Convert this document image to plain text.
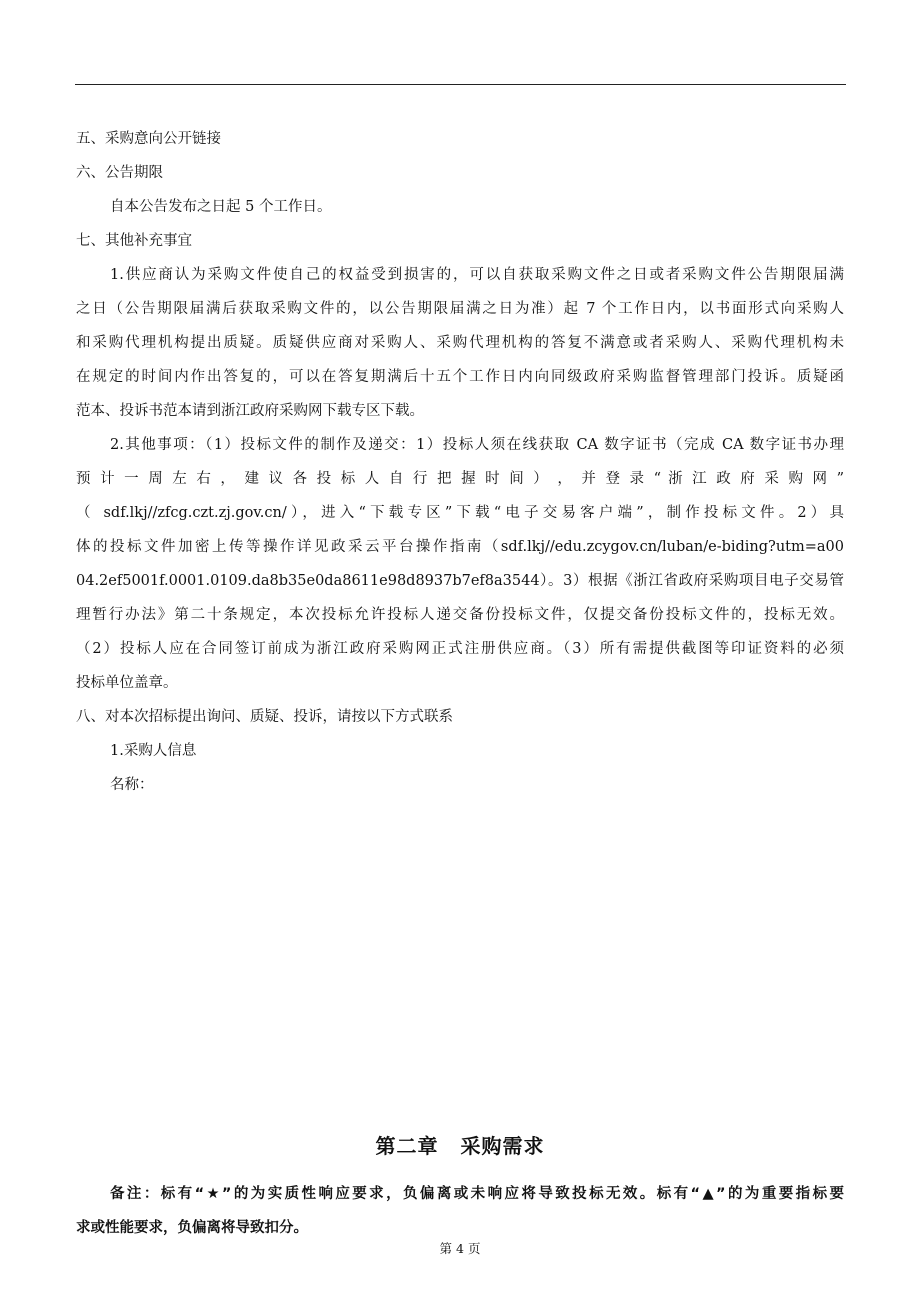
五、采购意向公开链接
六、公告期限
自本公告发布之日起 5 个工作日。
七、其他补充事宜
1.供应商认为采购文件使自己的权益受到损害的，可以自获取采购文件之日或者采购文件公告期限届满
之日（公告期限届满后获取采购文件的，以公告期限届满之日为准）起 7 个工作日内，以书面形式向采购人
和采购代理机构提出质疑。质疑供应商对采购人、采购代理机构的答复不满意或者采购人、采购代理机构未
在规定的时间内作出答复的，可以在答复期满后十五个工作日内向同级政府采购监督管理部门投诉。质疑函
范本、投诉书范本请到浙江政府采购网下载专区下载。
2.其他事项：（1）投标文件的制作及递交：1）投标人须在线获取 CA 数字证书（完成 CA 数字证书办理
预 计 一 周 左 右 ， 建 议 各 投 标 人 自 行 把 握 时 间 ） ， 并 登 录 “ 浙 江 政 府 采 购 网 ”
（ sdf.lkj//zfcg.czt.zj.gov.cn/），进入“下载专区”下载“电子交易客户端”，制作投标文件。2）具
体的投标文件加密上传等操作详见政采云平台操作指南（sdf.lkj//edu.zcygov.cn/luban/e-biding?utm=a00
04.2ef5001f.0001.0109.da8b35e0da8611e98d8937b7ef8a3544）。3）根据《浙江省政府采购项目电子交易管
理暂行办法》第二十条规定，本次投标允许投标人递交备份投标文件，仅提交备份投标文件的，投标无效。
（2）投标人应在合同签订前成为浙江政府采购网正式注册供应商。（3）所有需提供截图等印证资料的必须
投标单位盖章。
八、对本次招标提出询问、质疑、投诉，请按以下方式联系
1.采购人信息
名称：
第二章 采购需求
备注：标有“★”的为实质性响应要求，负偏离或未响应将导致投标无效。标有“▲”的为重要指标要
求或性能要求，负偏离将导致扣分。
第 4 页
